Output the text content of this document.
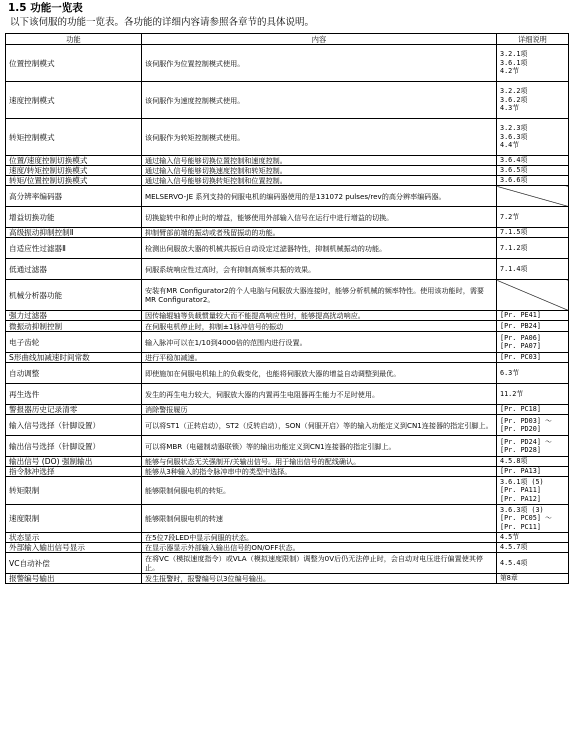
1.5 功能一览表
以下该伺服的功能一览表。各功能的详细内容请参照各章节的具体说明。
功能	内容	详细说明
位置控制模式	该伺服作为位置控制模式使用。	3.2.1项
3.6.1项
4.2节

速度控制模式	该伺服作为速度控制模式使用。	3.2.2项
3.6.2项
4.3节

转矩控制模式	该伺服作为转矩控制模式使用。	3.2.3项
3.6.3项
4.4节

位置/速度控制切换模式	通过输入信号能够切换位置控制和速度控制。	3.6.4项

速度/转矩控制切换模式	通过输入信号能够切换速度控制和转矩控制。	3.6.5项

转矩/位置控制切换模式	通过输入信号能够切换转矩控制和位置控制。	3.6.6项

高分辨率编码器	MELSERVO-JE 系列支持的伺服电机的编码器使用的是131072 pulses/rev的高分辨率编码器。	
增益切换功能	切换旋转中和停止时的增益，能够使用外部输入信号在运行中进行增益的切换。	7.2节

高级振动抑制控制Ⅱ	抑制臂部前端的振动或者残留振动的功能。	7.1.5项

自适应性过滤器Ⅱ	检测出伺服放大器的机械共振后自动设定过滤器特性，抑制机械振动的功能。	7.1.2项

低通过滤器	伺服系统响应性过高时，会有抑制高频率共振的效果。	7.1.4项

机械分析器功能	安装有MR Configurator2的个人电脑与伺服放大器连接时，能够分析机械的频率特性。使用该功能时，需要MR Configurator2。	
强力过滤器	因传输辊轴等负载惯量较大而不能提高响应性时，能够提高扰动响应。	[Pr. PE41]

微振动抑制控制	在伺服电机停止时，抑制±1脉冲信号的振动	[Pr. PB24]

电子齿轮	输入脉冲可以在1/10到4000倍的范围内进行设置。	[Pr. PA06]
[Pr. PA07]

S形曲线加减速时间常数	进行平稳加减速。	[Pr. PC03]

自动调整	即使施加在伺服电机轴上的负载变化，也能将伺服放大器的增益自动调整到最优。	6.3节

再生选件	发生的再生电力较大，伺服放大器的内置再生电阻器再生能力不足时使用。	11.2节

警报器历史记录清零	消除警报履历	[Pr. PC18]

输入信号选择（针脚设置）	可以将ST1（正转启动），ST2（反转启动），SON（伺服开启）等的输入功能定义到CN1连接器的指定引脚上。	[Pr. PD03] ～
[Pr. PD20]

输出信号选择（针脚设置）	可以将MBR（电磁制动器联锁）等的输出功能定义到CN1连接器的指定引脚上。	[Pr. PD24] ～
[Pr. PD28]

输出信号 (DO) 强制输出	能够与伺服状态无关强制开/关输出信号。用于输出信号的配线确认。	4.5.8项

指令脉冲选择	能够从3种输入的指令脉冲串中的类型中选择。	[Pr. PA13]

转矩限制	能够限制伺服电机的转矩。	3.6.1项 (5)
[Pr. PA11]
[Pr. PA12]

速度限制	能够限制伺服电机的转速	3.6.3项 (3)
[Pr. PC05] ～
[Pr. PC11]

状态显示	在5位7段LED中显示伺服的状态。	4.5节

外部输入输出信号显示	在显示器显示外部输入输出信号的ON/OFF状态。	4.5.7项

VC自动补偿	在将VC（模拟速度指令）或VLA（模拟速度限制）调整为0V后仍无法停止时，会自动对电压进行偏置使其停止。	4.5.4项

报警编号输出	发生报警时，报警编号以3位编号输出。	第8章
